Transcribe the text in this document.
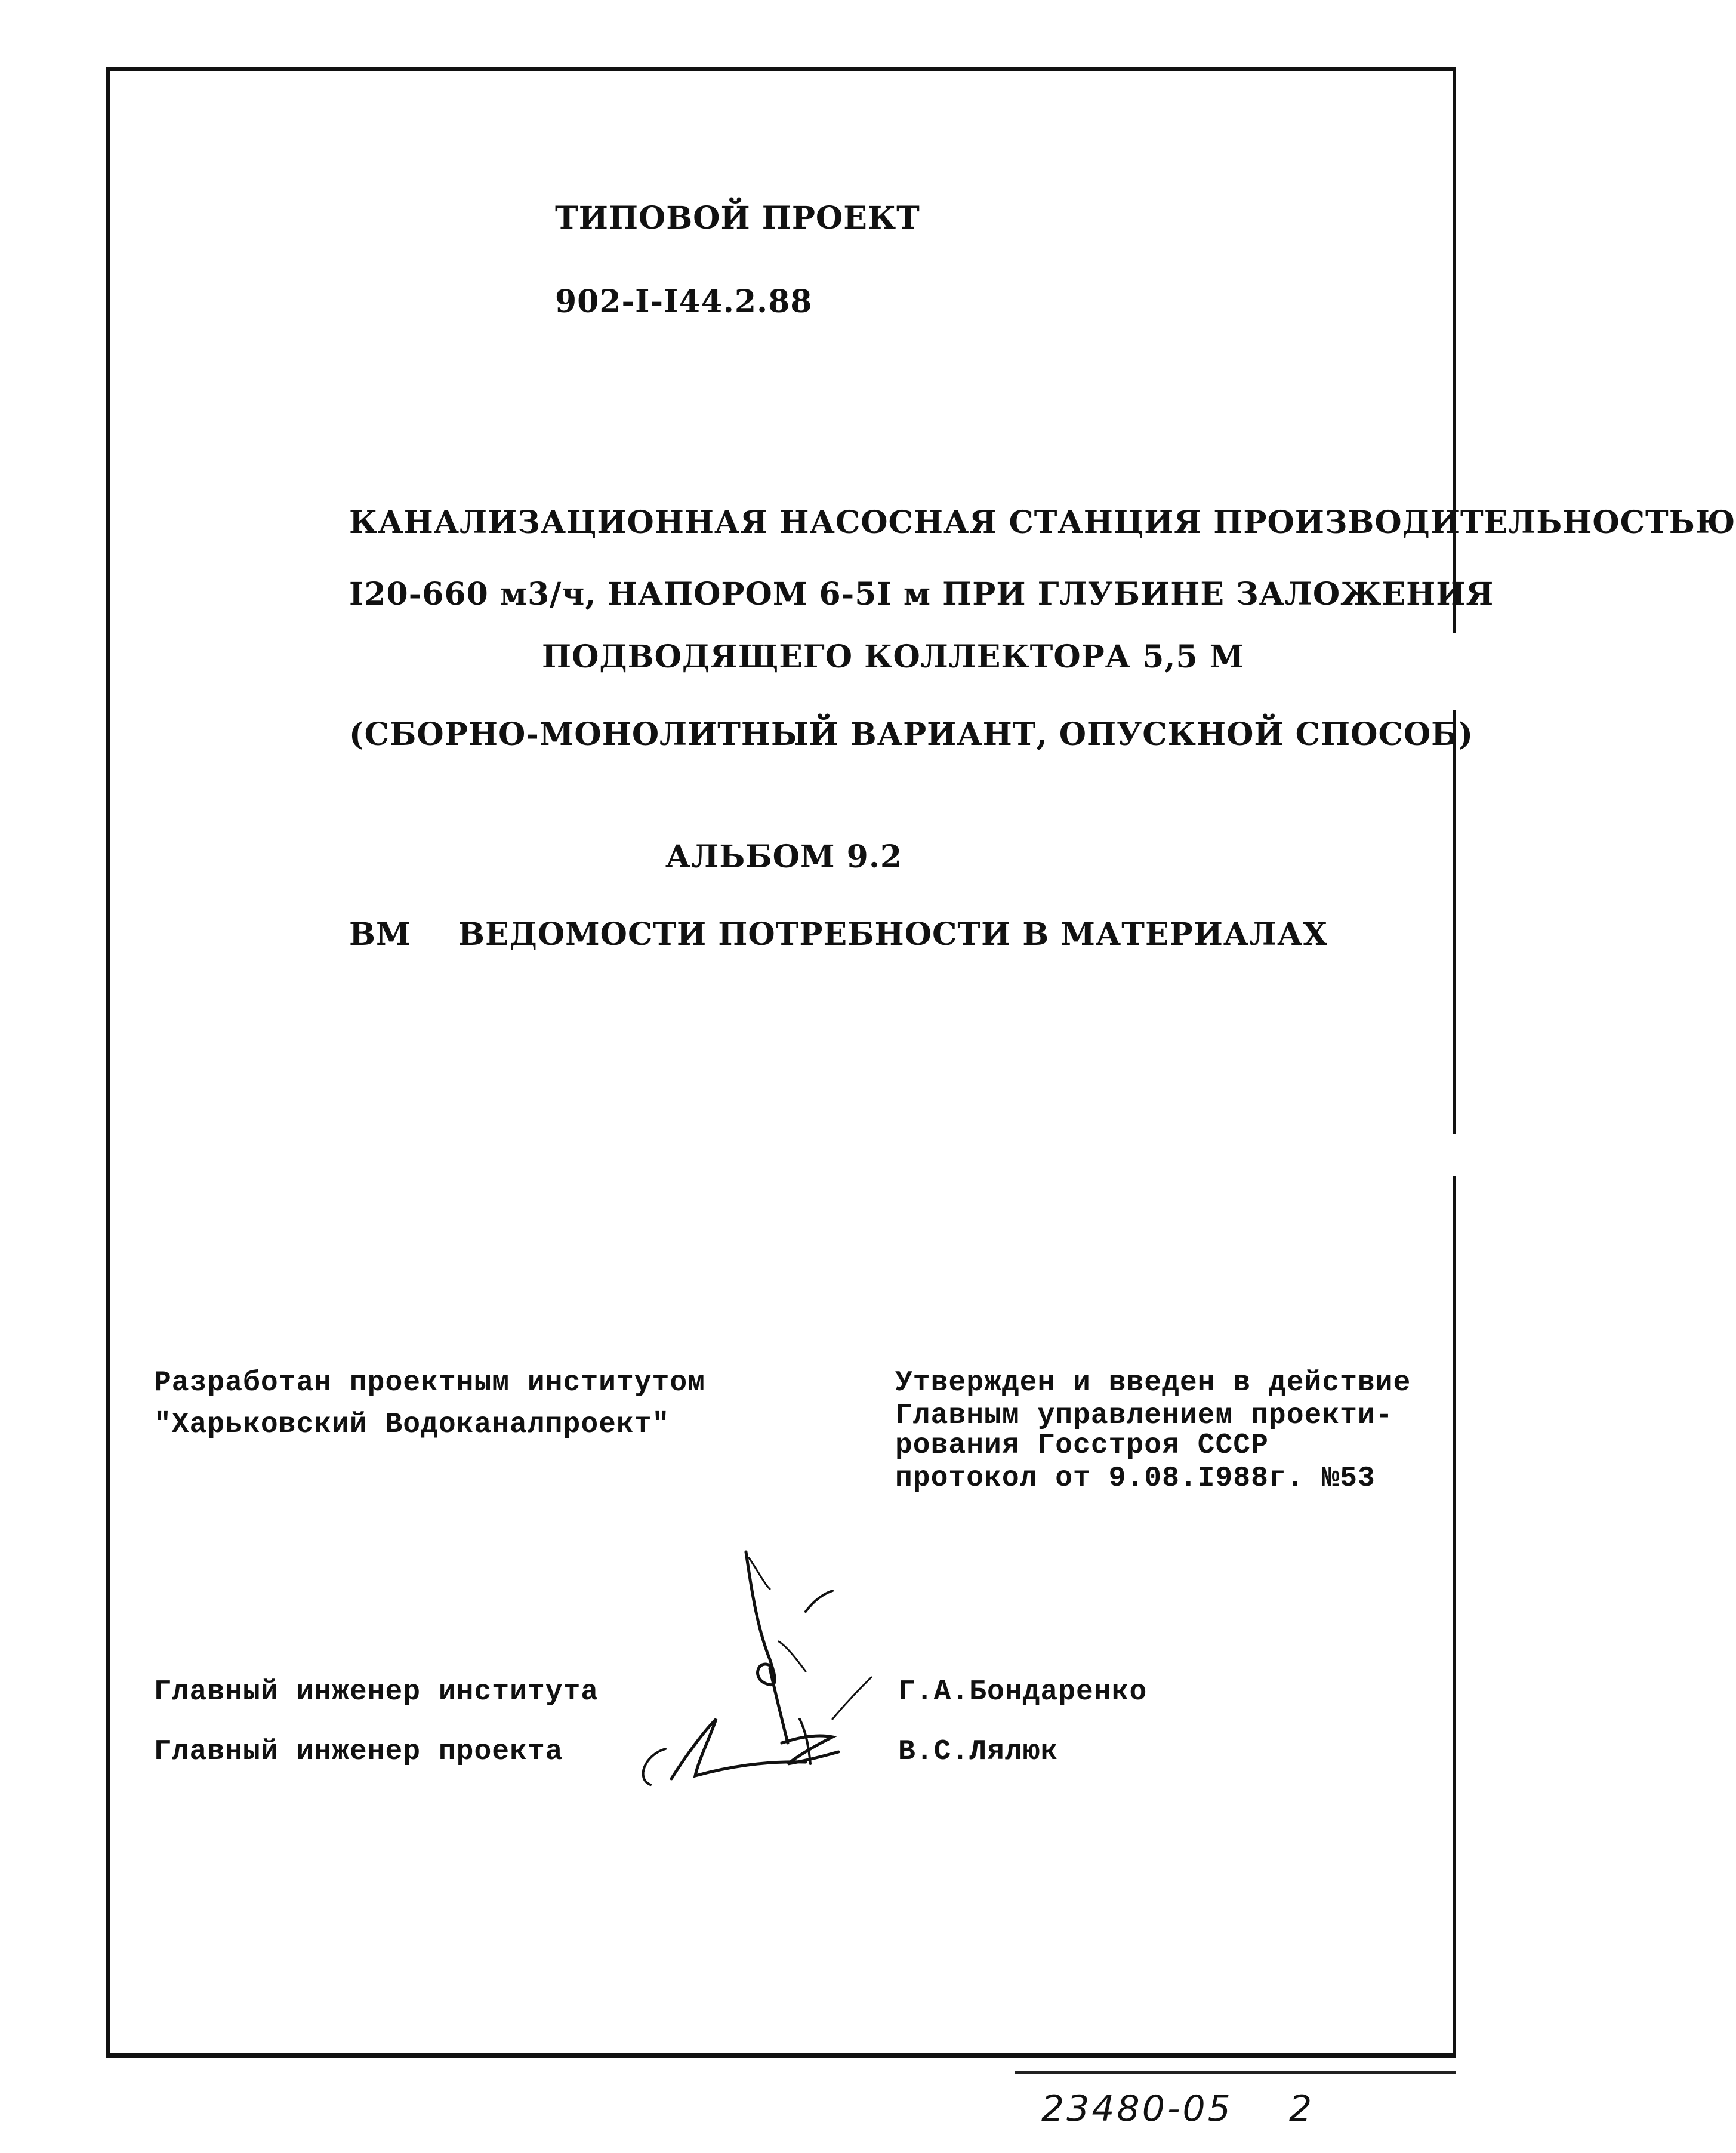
ТИПОВОЙ ПРОЕКТ
902-I-I44.2.88
КАНАЛИЗАЦИОННАЯ НАСОСНАЯ СТАНЦИЯ ПРОИЗВОДИТЕЛЬНОСТЬЮ
I20-660 м3/ч, НАПОРОМ 6-5I м ПРИ ГЛУБИНЕ ЗАЛОЖЕНИЯ
ПОДВОДЯЩЕГО КОЛЛЕКТОРА 5,5 М
(СБОРНО-МОНОЛИТНЫЙ ВАРИАНТ, ОПУСКНОЙ СПОСОБ)
АЛЬБОМ 9.2
ВМ ВЕДОМОСТИ ПОТРЕБНОСТИ В МАТЕРИАЛАХ
Разработан проектным институтом
"Харьковский Водоканалпроект"
Утвержден и введен в действие
Главным управлением проекти-
рования Госстроя СССР
протокол от 9.08.I988г. №53
Главный инженер института	Г.А.Бондаренко
Главный инженер проекта	В.С.Лялюк
23480-05 2
